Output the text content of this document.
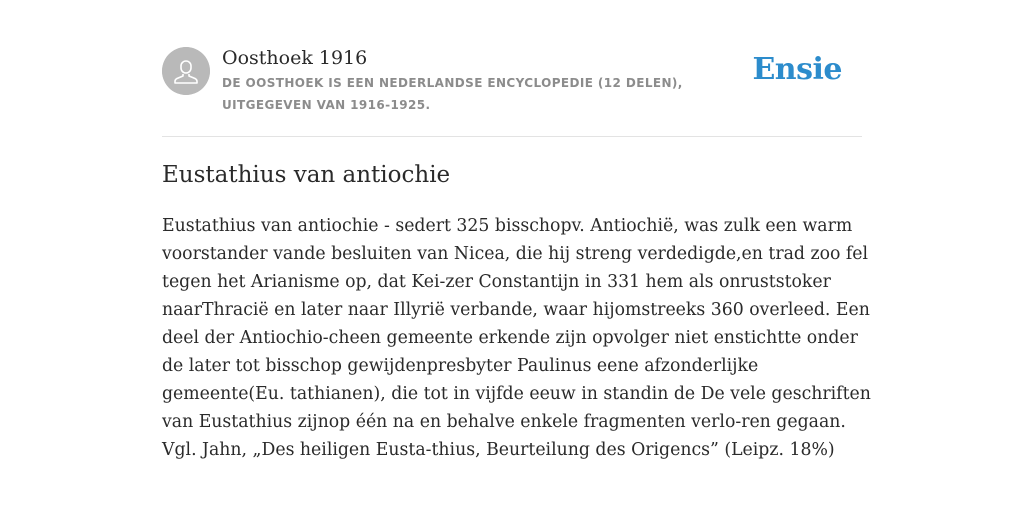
Oosthoek 1916

DE OOSTHOEK IS EEN NEDERLANDSE ENCYCLOPEDIE (12 DELEN), UITGEGEVEN VAN 1916-1925.

Ensie
Eustathius van antiochie

Eustathius van antiochie - sedert 325 bisschopv. Antiochië, was zulk een warm
voorstander vande besluiten van Nicea, die hij streng verdedigde,en trad zoo fel
tegen het Arianisme op, dat Kei-zer Constantijn in 331 hem als onruststoker
naarThracië en later naar Illyrië verbande, waar hijomstreeks 360 overleed. Een
deel der Antiochio-cheen gemeente erkende zijn opvolger niet enstichtte onder
de later tot bisschop gewijdenpresbyter Paulinus eene afzonderlijke
gemeente(Eu. tathianen), die tot in vijfde eeuw in standin de De vele geschriften
van Eustathius zijnop één na en behalve enkele fragmenten verlo-ren gegaan.
Vgl. Jahn, „Des heiligen Eusta-thius, Beurteilung des Origencs” (Leipz. 18%)
